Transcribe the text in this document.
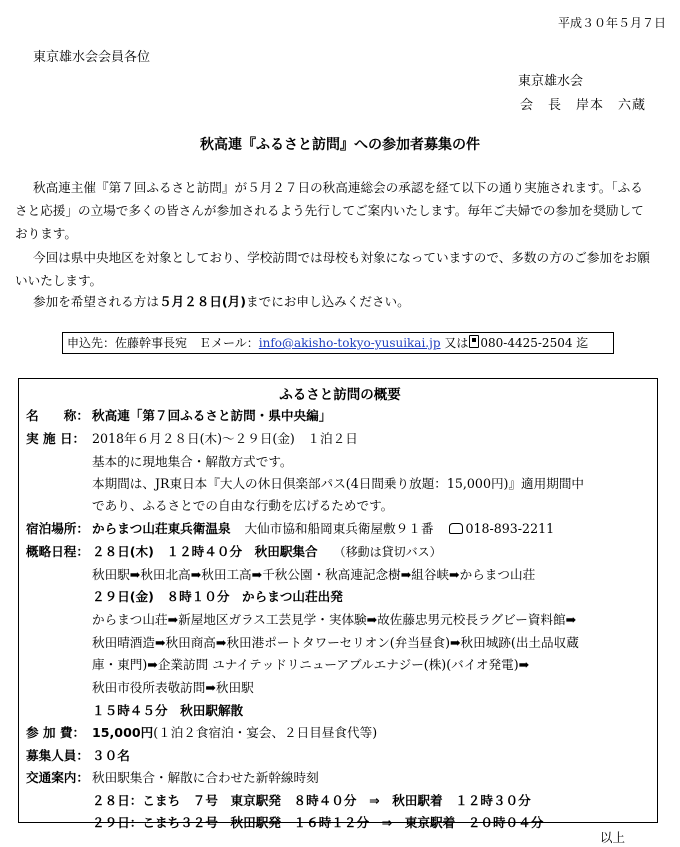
平成３０年５月７日
東京雄水会会員各位
東京雄水会
会　長　岸本　六蔵
秋高連『ふるさと訪問』への参加者募集の件
秋高連主催『第７回ふるさと訪問』が５月２７日の秋高連総会の承認を経て以下の通り実施されます。「ふるさと応援」の立場で多くの皆さんが参加されるよう先行してご案内いたします。毎年ご夫婦での参加を奨励しております。
今回は県中央地区を対象としており、学校訪問では母校も対象になっていますので、多数の方のご参加をお願いいたします。
参加を希望される方は５月２８日(月)までにお申し込みください。
申込先：佐藤幹事長宛　Ｅメール：info@akisho-tokyo-yusuikai.jp 又は 080-4425-2504 迄
ふるさと訪問の概要
名　　称： 秋高連「第７回ふるさと訪問・県中央編」
実 施 日： 2018年６月２８日(木)〜２９日(金)　１泊２日
基本的に現地集合・解散方式です。
本期間は、JR東日本『大人の休日倶楽部パス(4日間乗り放題：15,000円)』適用期間中
であり、ふるさとでの自由な行動を広げるためです。
宿泊場所： からまつ山荘東兵衛温泉 大仙市協和船岡東兵衛屋敷９１番	018-893-2211
概略日程： ２８日(木)　１２時４０分　秋田駅集合 （移動は貸切バス）
秋田駅➡秋田北高➡秋田工高➡千秋公園・秋高連記念樹➡組谷峡➡からまつ山荘
２９日(金)　８時１０分　からまつ山荘出発
からまつ山荘➡新屋地区ガラス工芸見学・実体験➡故佐藤忠男元校長ラグビー資料館➡
秋田晴酒造➡秋田商高➡秋田港ポートタワーセリオン(弁当昼食)➡秋田城跡(出土品収蔵
庫・東門)➡企業訪問 ユナイテッドリニューアブルエナジー(株)(バイオ発電)➡
秋田市役所表敬訪問➡秋田駅
１５時４５分　秋田駅解散
参 加 費： 15,000円(１泊２食宿泊・宴会、２日目昼食代等)
募集人員： ３０名
交通案内： 秋田駅集合・解散に合わせた新幹線時刻
２８日：こまち　７号　東京駅発　８時４０分　⇒　秋田駅着　１２時３０分
２９日：こまち３２号　秋田駅発　１６時１２分　⇒　東京駅着　２０時０４分
以上
